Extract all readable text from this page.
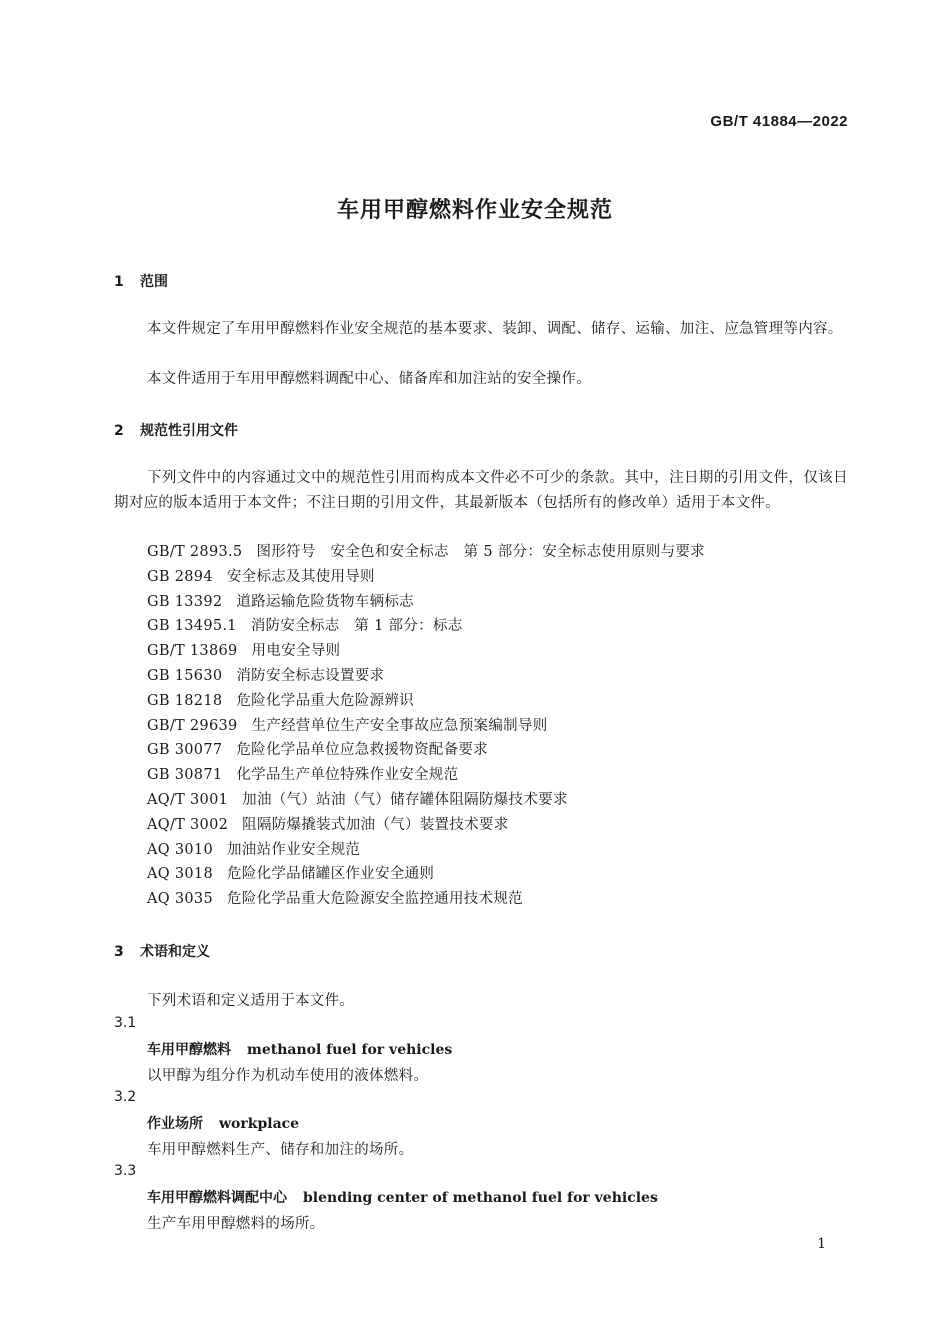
GB/T 41884—2022
车用甲醇燃料作业安全规范
1 范围
本文件规定了车用甲醇燃料作业安全规范的基本要求、装卸、调配、储存、运输、加注、应急管理等内容。
本文件适用于车用甲醇燃料调配中心、储备库和加注站的安全操作。
2 规范性引用文件
下列文件中的内容通过文中的规范性引用而构成本文件必不可少的条款。其中，注日期的引用文件，仅该日期对应的版本适用于本文件；不注日期的引用文件，其最新版本（包括所有的修改单）适用于本文件。
GB/T 2893.5 图形符号　安全色和安全标志　第 5 部分：安全标志使用原则与要求
GB 2894 安全标志及其使用导则
GB 13392 道路运输危险货物车辆标志
GB 13495.1 消防安全标志　第 1 部分：标志
GB/T 13869 用电安全导则
GB 15630 消防安全标志设置要求
GB 18218 危险化学品重大危险源辨识
GB/T 29639 生产经营单位生产安全事故应急预案编制导则
GB 30077 危险化学品单位应急救援物资配备要求
GB 30871 化学品生产单位特殊作业安全规范
AQ/T 3001 加油（气）站油（气）储存罐体阻隔防爆技术要求
AQ/T 3002 阻隔防爆撬装式加油（气）装置技术要求
AQ 3010 加油站作业安全规范
AQ 3018 危险化学品储罐区作业安全通则
AQ 3035 危险化学品重大危险源安全监控通用技术规范
3 术语和定义
下列术语和定义适用于本文件。
3.1
车用甲醇燃料 methanol fuel for vehicles
以甲醇为组分作为机动车使用的液体燃料。
3.2
作业场所 workplace
车用甲醇燃料生产、储存和加注的场所。
3.3
车用甲醇燃料调配中心 blending center of methanol fuel for vehicles
生产车用甲醇燃料的场所。
1
